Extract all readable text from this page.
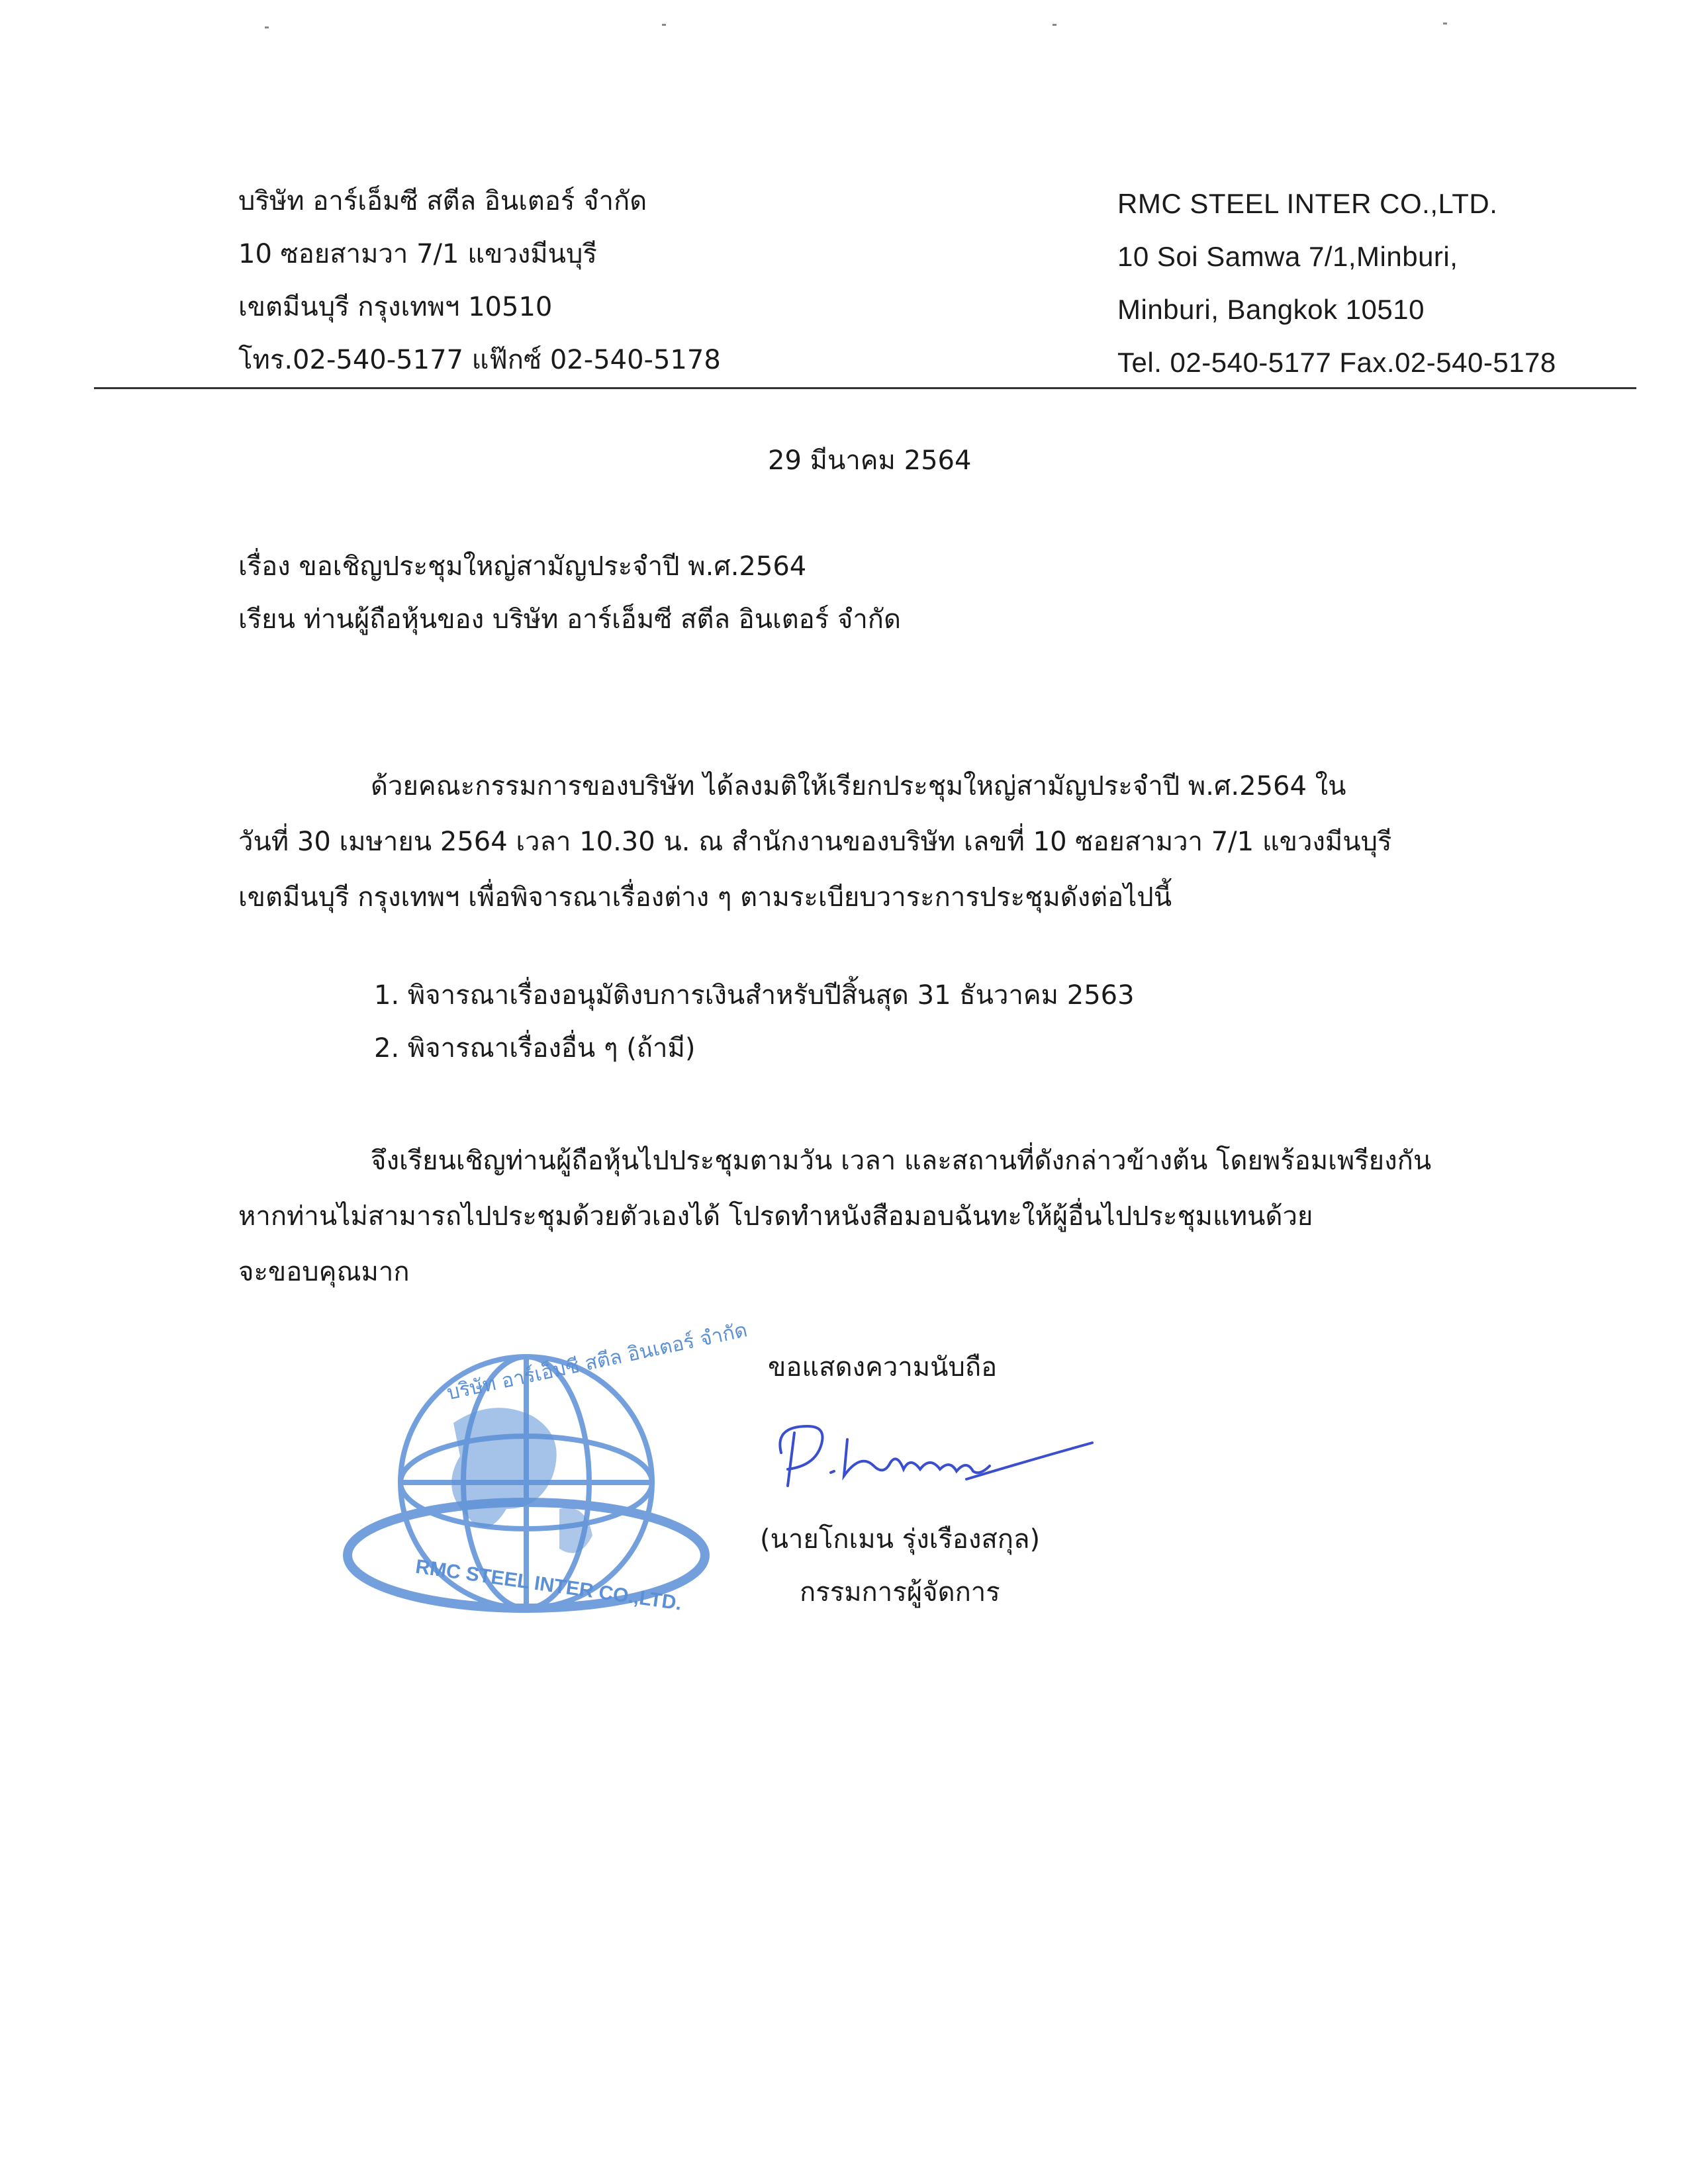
บริษัท อาร์เอ็มซี สตีล อินเตอร์ จำกัด
10 ซอยสามวา 7/1 แขวงมีนบุรี
เขตมีนบุรี กรุงเทพฯ 10510
โทร.02-540-5177 แฟ๊กซ์ 02-540-5178
RMC STEEL INTER CO.,LTD.
10 Soi Samwa 7/1,Minburi,
Minburi, Bangkok 10510
Tel. 02-540-5177 Fax.02-540-5178
29 มีนาคม 2564
เรื่อง ขอเชิญประชุมใหญ่สามัญประจำปี พ.ศ.2564
เรียน ท่านผู้ถือหุ้นของ บริษัท อาร์เอ็มซี สตีล อินเตอร์ จำกัด
ด้วยคณะกรรมการของบริษัท ได้ลงมติให้เรียกประชุมใหญ่สามัญประจำปี พ.ศ.2564 ใน
วันที่ 30 เมษายน 2564 เวลา 10.30 น. ณ สำนักงานของบริษัท เลขที่ 10 ซอยสามวา 7/1 แขวงมีนบุรี
เขตมีนบุรี กรุงเทพฯ เพื่อพิจารณาเรื่องต่าง ๆ ตามระเบียบวาระการประชุมดังต่อไปนี้
1. พิจารณาเรื่องอนุมัติงบการเงินสำหรับปีสิ้นสุด 31 ธันวาคม 2563
2. พิจารณาเรื่องอื่น ๆ (ถ้ามี)
จึงเรียนเชิญท่านผู้ถือหุ้นไปประชุมตามวัน เวลา และสถานที่ดังกล่าวข้างต้น โดยพร้อมเพรียงกัน
หากท่านไม่สามารถไปประชุมด้วยตัวเองได้ โปรดทำหนังสือมอบฉันทะให้ผู้อื่นไปประชุมแทนด้วย
จะขอบคุณมาก
ขอแสดงความนับถือ
บริษัท อาร์เอ็มซี สตีล อินเตอร์ จำกัด
RMC STEEL INTER CO.,LTD.
(นายโกเมน รุ่งเรืองสกุล)
กรรมการผู้จัดการ
